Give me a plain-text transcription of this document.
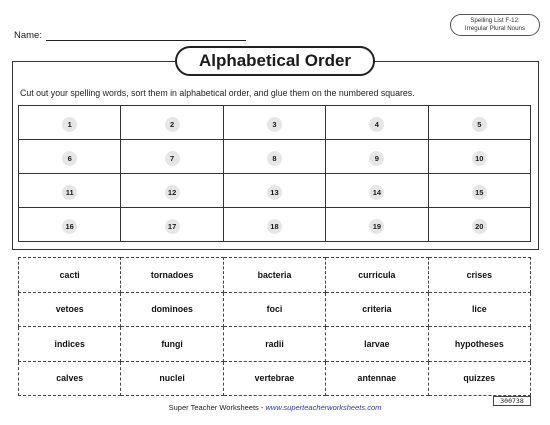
Name:
Spelling List F-12:
Irregular Plural Nouns
Alphabetical Order
Cut out your spelling words, sort them in alphabetical order, and glue them on the numbered squares.
1	2	3	4	5
6	7	8	9	10
11	12	13	14	15
16	17	18	19	20
cacti	tornadoes	bacteria	curricula	crises
vetoes	dominoes	foci	criteria	lice
indices	fungi	radii	larvae	hypotheses
calves	nuclei	vertebrae	antennae	quizzes
Super Teacher Worksheets - www.superteacherworksheets.com
300738
